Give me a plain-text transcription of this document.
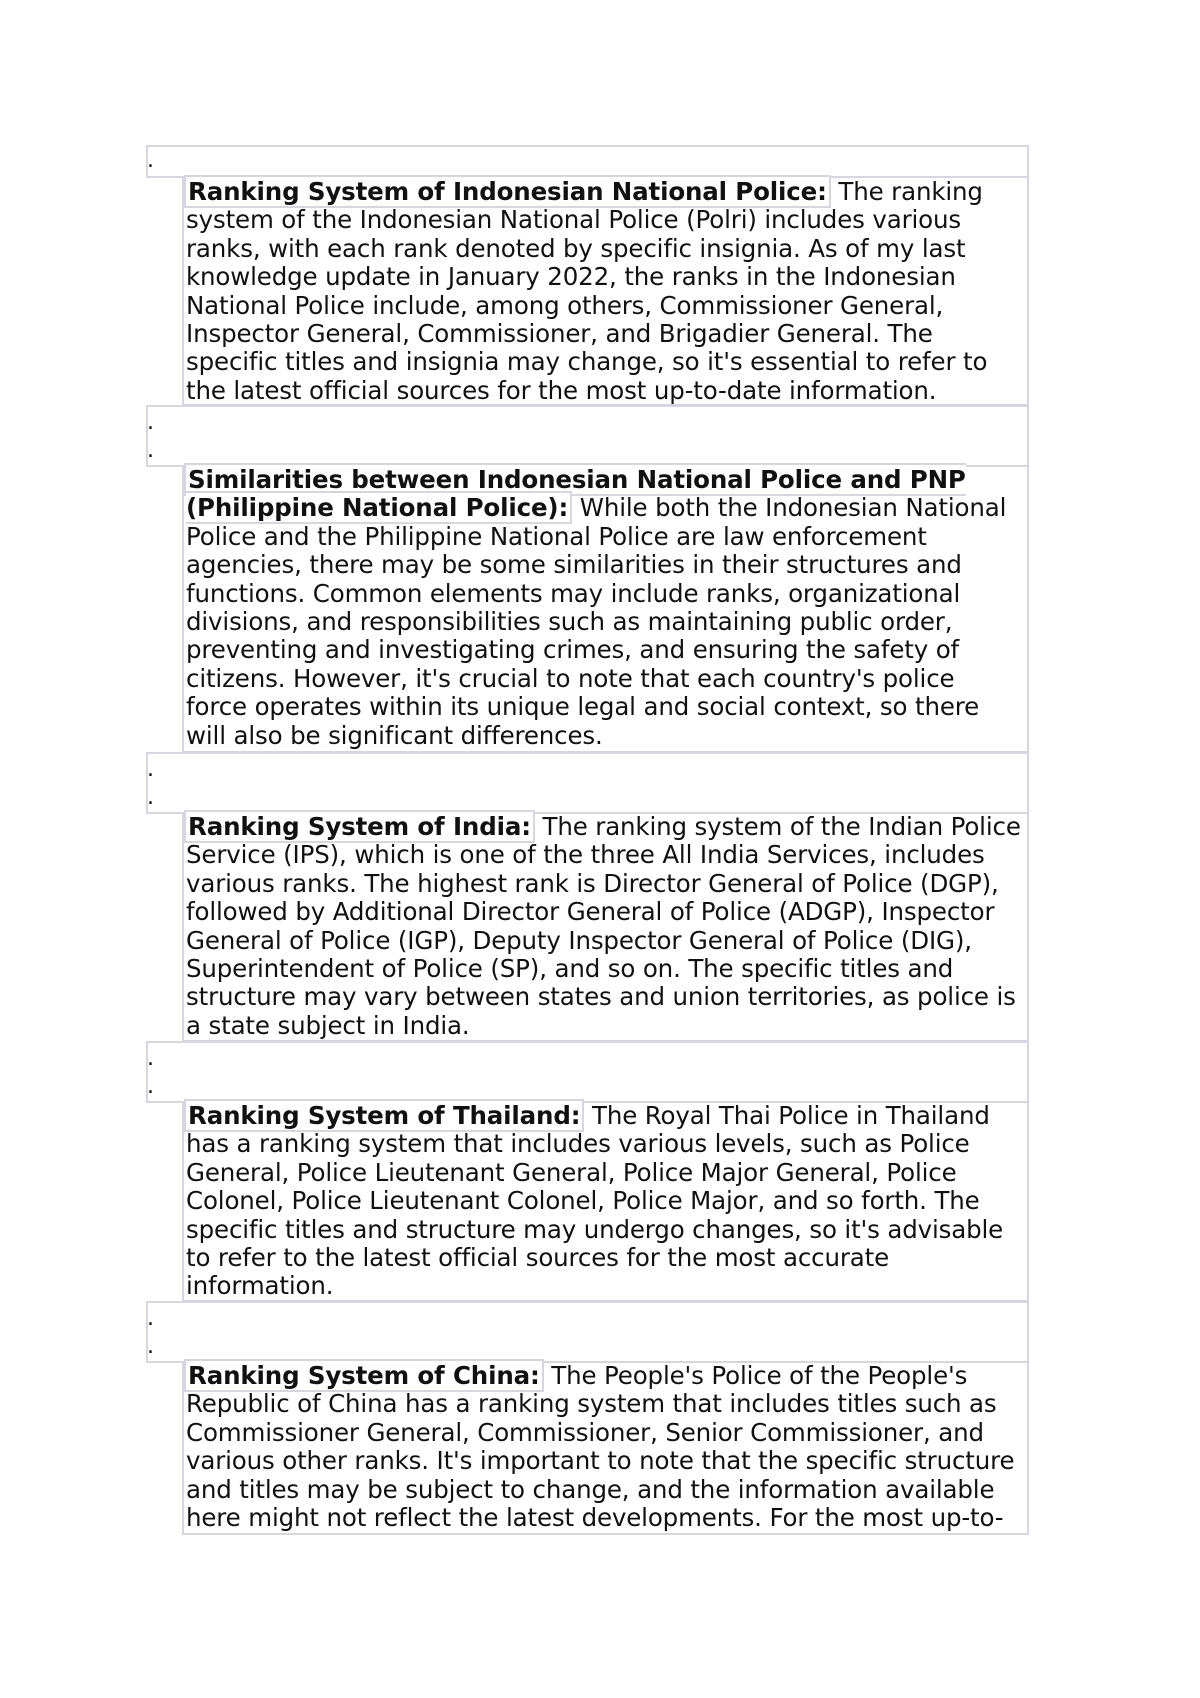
.
Ranking System of Indonesian National Police: The ranking system of the Indonesian National Police (Polri) includes various ranks, with each rank denoted by specific insignia. As of my last knowledge update in January 2022, the ranks in the Indonesian National Police include, among others, Commissioner General, Inspector General, Commissioner, and Brigadier General. The specific titles and insignia may change, so it's essential to refer to the latest official sources for the most up-to-date information.
.
.
Similarities between Indonesian National Police and PNP (Philippine National Police): While both the Indonesian National Police and the Philippine National Police are law enforcement agencies, there may be some similarities in their structures and functions. Common elements may include ranks, organizational divisions, and responsibilities such as maintaining public order, preventing and investigating crimes, and ensuring the safety of citizens. However, it's crucial to note that each country's police force operates within its unique legal and social context, so there will also be significant differences.
.
.
Ranking System of India: The ranking system of the Indian Police Service (IPS), which is one of the three All India Services, includes various ranks. The highest rank is Director General of Police (DGP), followed by Additional Director General of Police (ADGP), Inspector General of Police (IGP), Deputy Inspector General of Police (DIG), Superintendent of Police (SP), and so on. The specific titles and structure may vary between states and union territories, as police is a state subject in India.
.
.
Ranking System of Thailand: The Royal Thai Police in Thailand has a ranking system that includes various levels, such as Police General, Police Lieutenant General, Police Major General, Police Colonel, Police Lieutenant Colonel, Police Major, and so forth. The specific titles and structure may undergo changes, so it's advisable to refer to the latest official sources for the most accurate information.
.
.
Ranking System of China: The People's Police of the People's Republic of China has a ranking system that includes titles such as Commissioner General, Commissioner, Senior Commissioner, and various other ranks. It's important to note that the specific structure and titles may be subject to change, and the information available here might not reflect the latest developments. For the most up-to-
